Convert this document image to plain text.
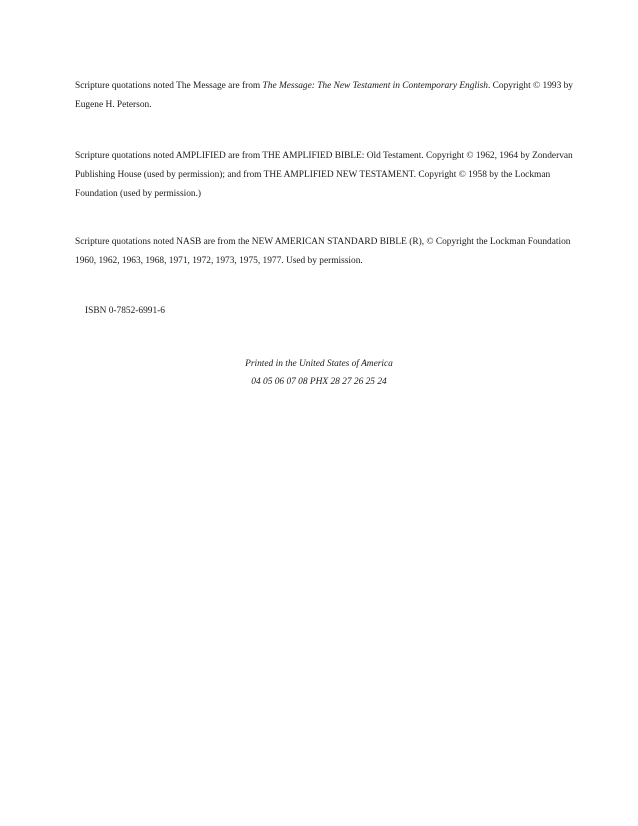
Scripture quotations noted The Message are from The Message: The New Testament in Contemporary English. Copyright © 1993 by Eugene H. Peterson.

Scripture quotations noted AMPLIFIED are from THE AMPLIFIED BIBLE: Old Testament. Copyright © 1962, 1964 by Zondervan Publishing House (used by permission); and from THE AMPLIFIED NEW TESTAMENT. Copyright © 1958 by the Lockman Foundation (used by permission.)

Scripture quotations noted NASB are from the NEW AMERICAN STANDARD BIBLE (R), © Copyright the Lockman Foundation 1960, 1962, 1963, 1968, 1971, 1972, 1973, 1975, 1977. Used by permission.

ISBN 0-7852-6991-6

Printed in the United States of America
04 05 06 07 08 PHX 28 27 26 25 24
